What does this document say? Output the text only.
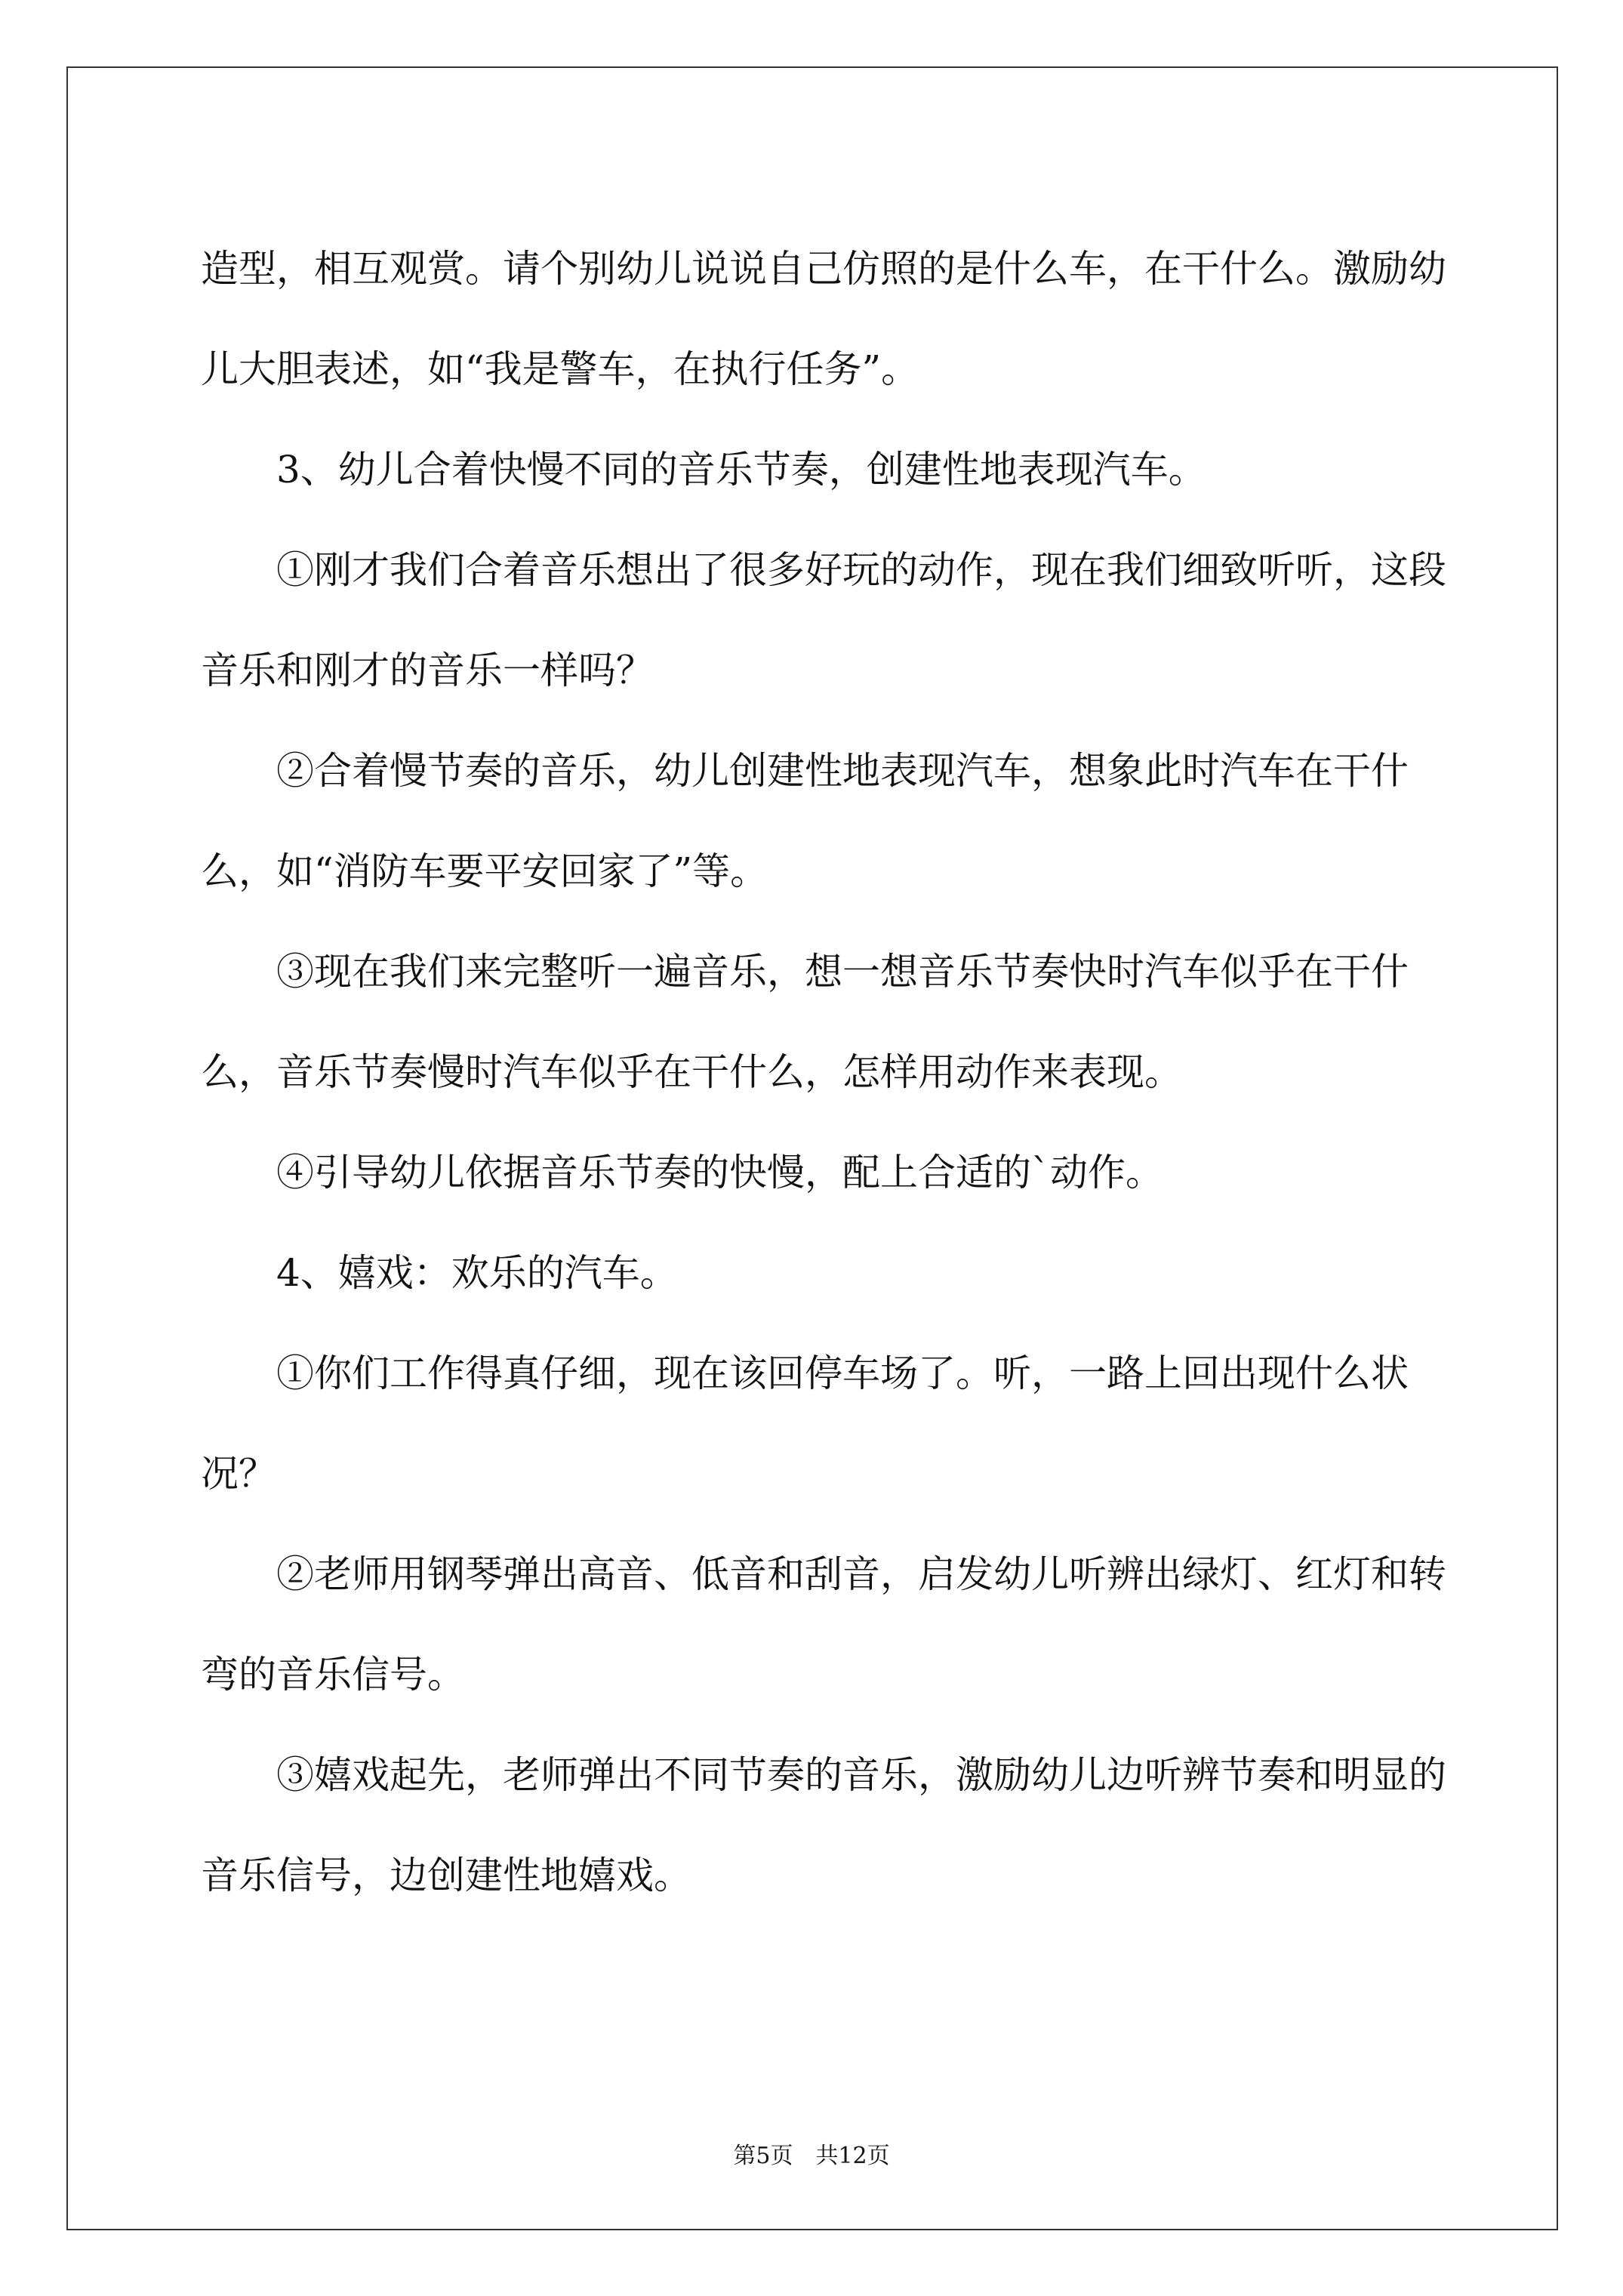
造型，相互观赏。请个别幼儿说说自己仿照的是什么车，在干什么。激励幼儿大胆表述，如“我是警车，在执行任务”。

3、幼儿合着快慢不同的音乐节奏，创建性地表现汽车。

①刚才我们合着音乐想出了很多好玩的动作，现在我们细致听听，这段音乐和刚才的音乐一样吗？

②合着慢节奏的音乐，幼儿创建性地表现汽车，想象此时汽车在干什么，如“消防车要平安回家了”等。

③现在我们来完整听一遍音乐，想一想音乐节奏快时汽车似乎在干什么，音乐节奏慢时汽车似乎在干什么，怎样用动作来表现。

④引导幼儿依据音乐节奏的快慢，配上合适的`动作。

4、嬉戏：欢乐的汽车。

①你们工作得真仔细，现在该回停车场了。听，一路上回出现什么状况？

②老师用钢琴弹出高音、低音和刮音，启发幼儿听辨出绿灯、红灯和转弯的音乐信号。

③嬉戏起先，老师弹出不同节奏的音乐，激励幼儿边听辨节奏和明显的音乐信号，边创建性地嬉戏。

第5页 共12页
